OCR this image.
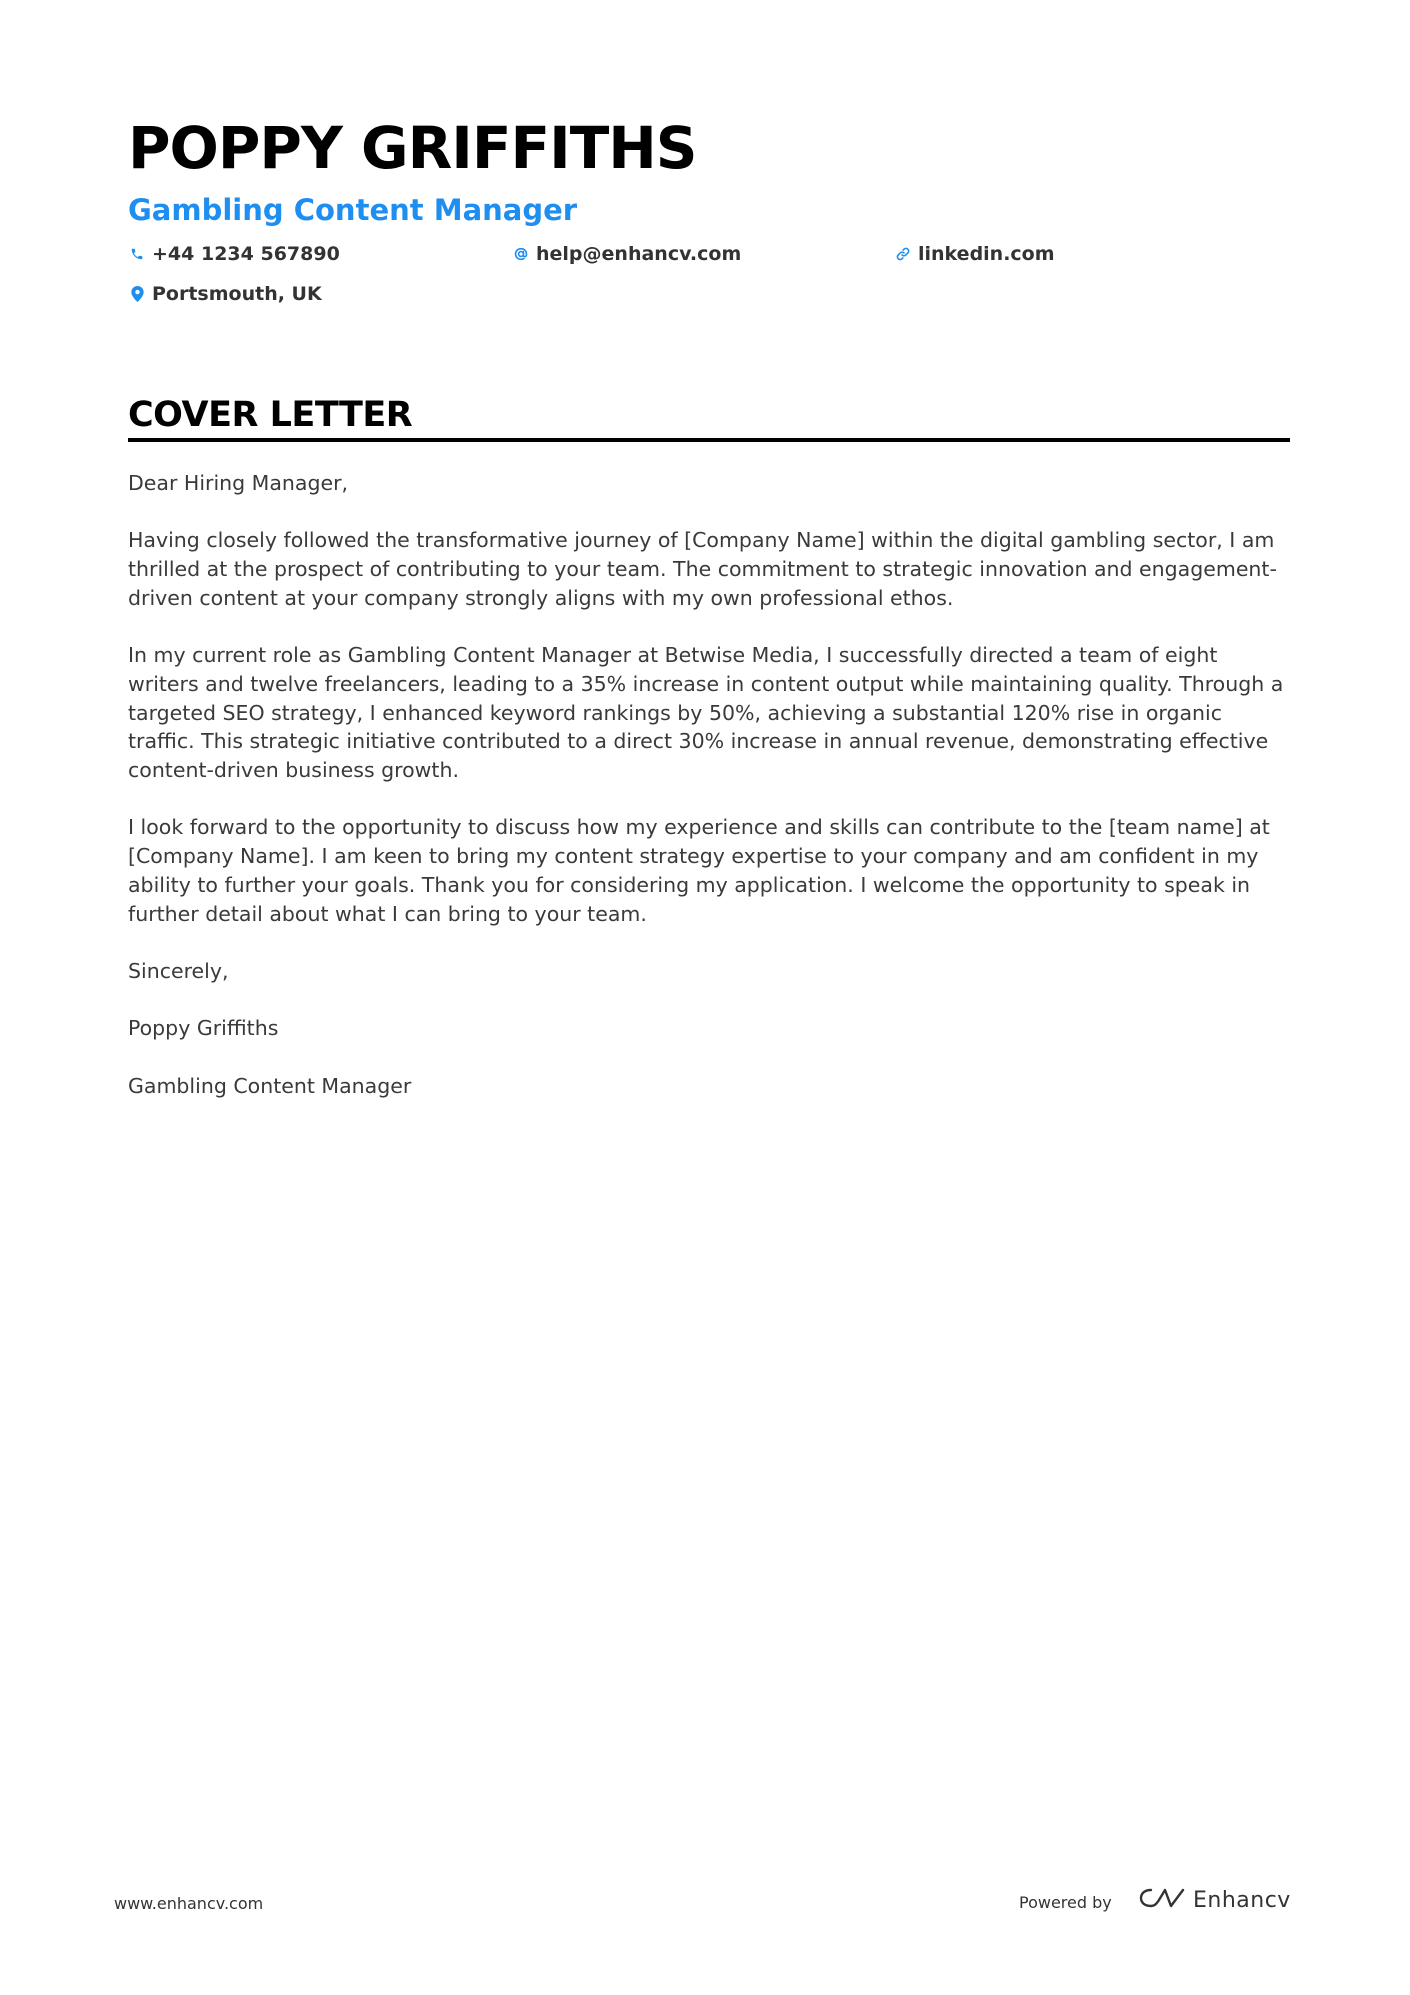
POPPY GRIFFITHS
Gambling Content Manager
+44 1234 567890	help@enhancv.com	linkedin.com
Portsmouth, UK
COVER LETTER

Dear Hiring Manager,

Having closely followed the transformative journey of [Company Name] within the digital gambling sector, I am thrilled at the prospect of contributing to your team. The commitment to strategic innovation and engagement-driven content at your company strongly aligns with my own professional ethos.

In my current role as Gambling Content Manager at Betwise Media, I successfully directed a team of eight writers and twelve freelancers, leading to a 35% increase in content output while maintaining quality. Through a targeted SEO strategy, I enhanced keyword rankings by 50%, achieving a substantial 120% rise in organic traffic. This strategic initiative contributed to a direct 30% increase in annual revenue, demonstrating effective content-driven business growth.

I look forward to the opportunity to discuss how my experience and skills can contribute to the [team name] at [Company Name]. I am keen to bring my content strategy expertise to your company and am confident in my ability to further your goals. Thank you for considering my application. I welcome the opportunity to speak in further detail about what I can bring to your team.

Sincerely,

Poppy Griffiths

Gambling Content Manager

www.enhancv.com	Powered by	Enhancv
